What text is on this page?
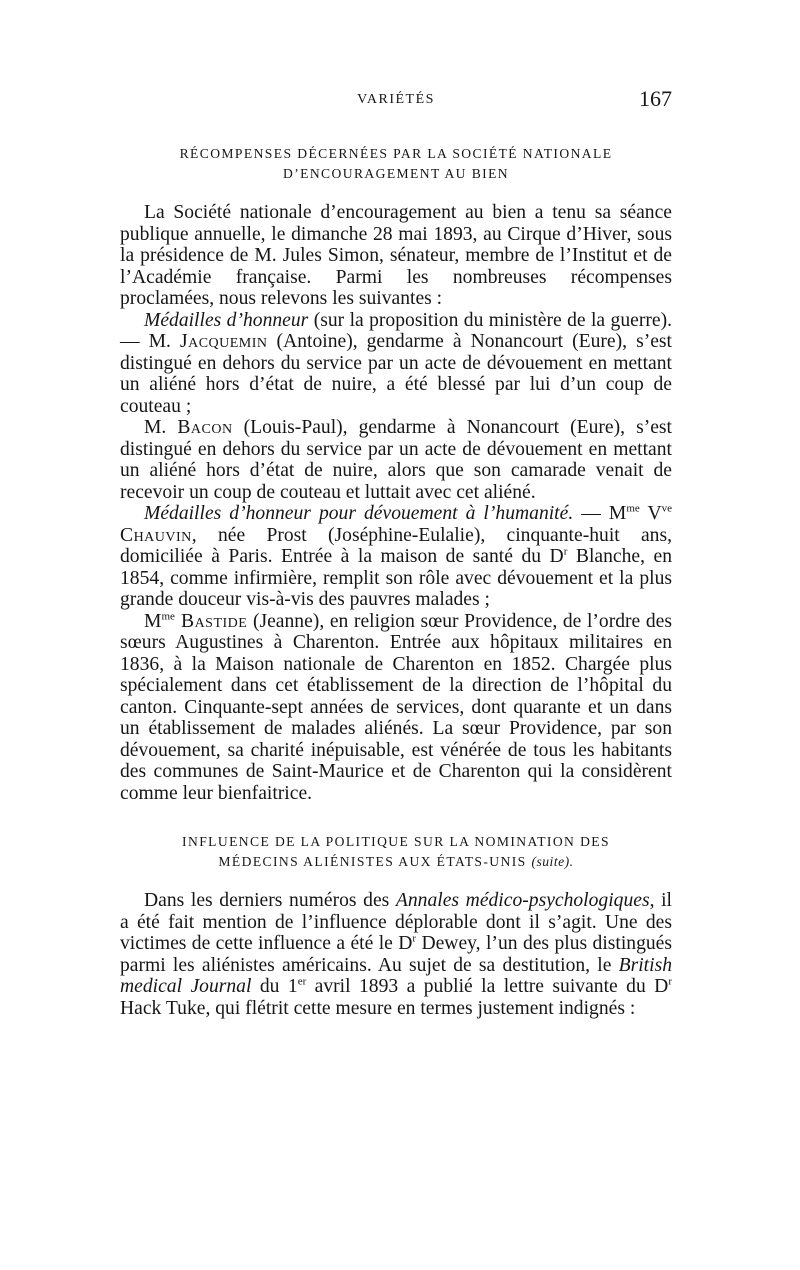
VARIÉTÉS	167
RÉCOMPENSES DÉCERNÉES PAR LA SOCIÉTÉ NATIONALE
D’ENCOURAGEMENT AU BIEN

La Société nationale d’encouragement au bien a tenu sa séance publique annuelle, le dimanche 28 mai 1893, au Cirque d’Hiver, sous la présidence de M. Jules Simon, sénateur, membre de l’Institut et de l’Académie française. Parmi les nombreuses récompenses proclamées, nous relevons les suivantes :

Médailles d’honneur (sur la proposition du ministère de la guerre). — M. Jacquemin (Antoine), gendarme à Nonancourt (Eure), s’est distingué en dehors du service par un acte de dévouement en mettant un aliéné hors d’état de nuire, a été blessé par lui d’un coup de couteau ;

M. Bacon (Louis-Paul), gendarme à Nonancourt (Eure), s’est distingué en dehors du service par un acte de dévouement en mettant un aliéné hors d’état de nuire, alors que son camarade venait de recevoir un coup de couteau et luttait avec cet aliéné.

Médailles d’honneur pour dévouement à l’humanité. — $M^{me}$ $V^{ve}$ Chauvin, née Prost (Joséphine-Eulalie), cinquante-huit ans, domiciliée à Paris. Entrée à la maison de santé du $D^r$ Blanche, en 1854, comme infirmière, remplit son rôle avec dévouement et la plus grande douceur vis-à-vis des pauvres malades ;

$M^{me}$ Bastide (Jeanne), en religion sœur Providence, de l’ordre des sœurs Augustines à Charenton. Entrée aux hôpitaux militaires en 1836, à la Maison nationale de Charenton en 1852. Chargée plus spécialement dans cet établissement de la direction de l’hôpital du canton. Cinquante-sept années de services, dont quarante et un dans un établissement de malades aliénés. La sœur Providence, par son dévouement, sa charité inépuisable, est vénérée de tous les habitants des communes de Saint-Maurice et de Charenton qui la considèrent comme leur bienfaitrice.

INFLUENCE DE LA POLITIQUE SUR LA NOMINATION DES
MÉDECINS ALIÉNISTES AUX ÉTATS-UNIS (suite).

Dans les derniers numéros des Annales médico-psychologiques, il a été fait mention de l’influence déplorable dont il s’agit. Une des victimes de cette influence a été le $D^r$ Dewey, l’un des plus distingués parmi les aliénistes américains. Au sujet de sa destitution, le British medical Journal du 1er avril 1893 a publié la lettre suivante du $D^r$ Hack Tuke, qui flétrit cette mesure en termes justement indignés :
